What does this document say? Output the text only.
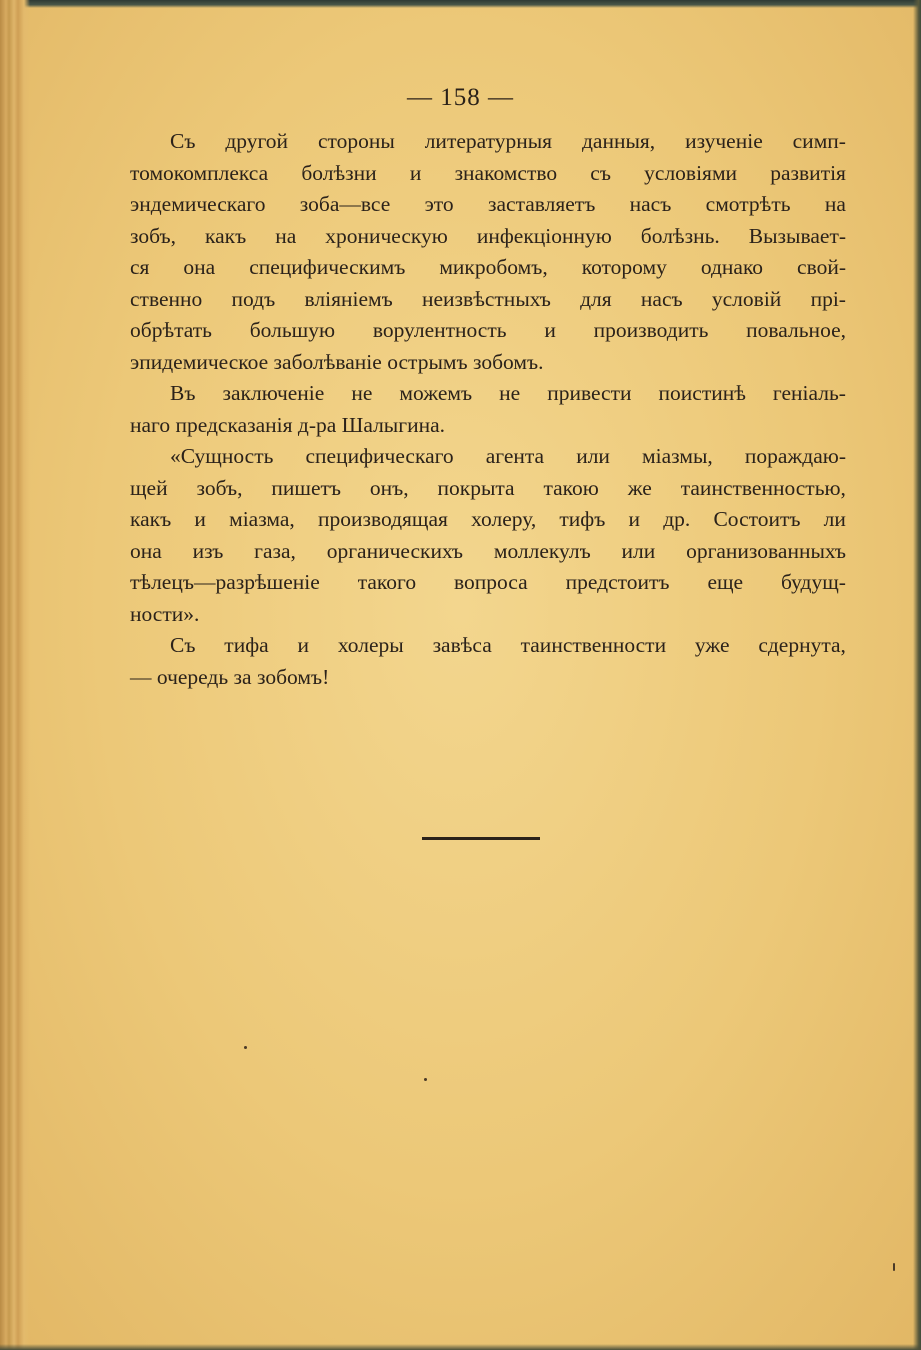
— 158 —
Съ другой стороны литературныя данныя, изученіе симп-
томокомплекса болѣзни и знакомство съ условіями развитія
эндемическаго зоба—все это заставляетъ насъ смотрѣть на
зобъ, какъ на хроническую инфекціонную болѣзнь. Вызывает-
ся она специфическимъ микробомъ, которому однако свой-
ственно подъ вліяніемъ неизвѣстныхъ для насъ условій прі-
обрѣтать большую ворулентность и производить повальное,
эпидемическое заболѣваніе острымъ зобомъ.
Въ заключеніе не можемъ не привести поистинѣ геніаль-
наго предсказанія д-ра Шалыгина.
«Сущность специфическаго агента или міазмы, пораждаю-
щей зобъ, пишетъ онъ, покрыта такою же таинственностью,
какъ и міазма, производящая холеру, тифъ и др. Состоитъ ли
она изъ газа, органическихъ моллекулъ или организованныхъ
тѣлецъ—разрѣшеніе такого вопроса предстоитъ еще будущ-
ности».
Съ тифа и холеры завѣса таинственности уже сдернута,
— очередь за зобомъ!
